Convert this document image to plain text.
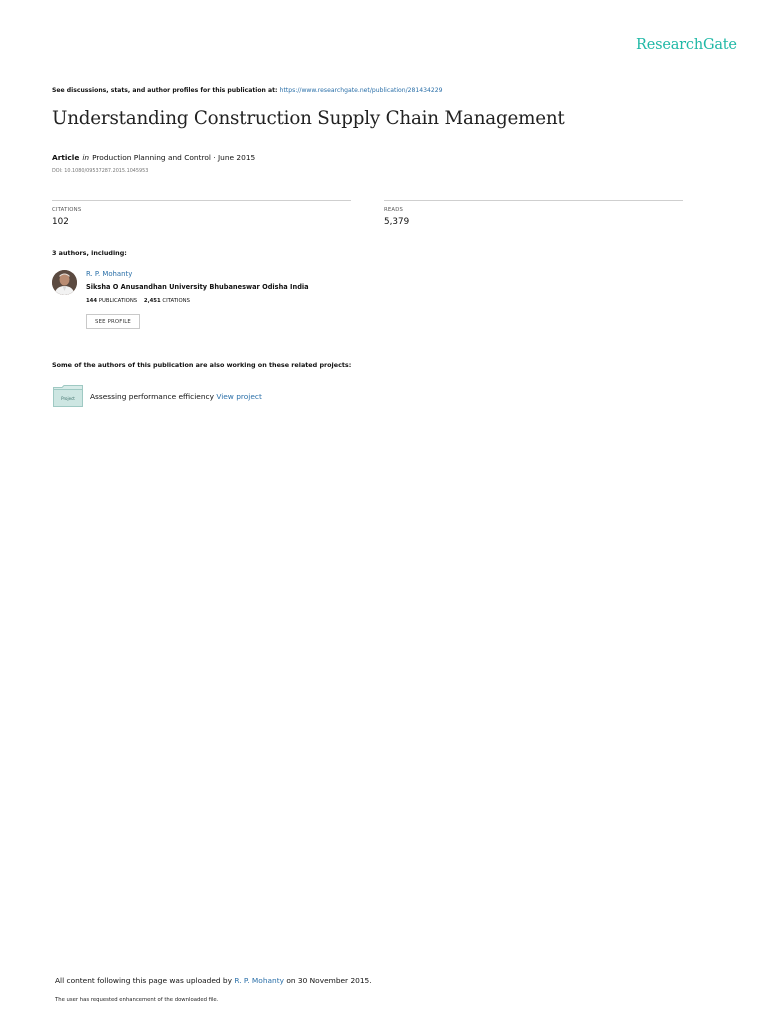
ResearchGate
See discussions, stats, and author profiles for this publication at: https://www.researchgate.net/publication/281434229
Understanding Construction Supply Chain Management
Article in Production Planning and Control · June 2015
DOI: 10.1080/09537287.2015.1045953
CITATIONS
102
READS
5,379
3 authors, including:
R. P. Mohanty
Siksha O Anusandhan University Bhubaneswar Odisha India
144 PUBLICATIONS 2,451 CITATIONS
SEE PROFILE
Some of the authors of this publication are also working on these related projects:
Project Assessing performance efficiency View project
All content following this page was uploaded by R. P. Mohanty on 30 November 2015.
The user has requested enhancement of the downloaded file.
